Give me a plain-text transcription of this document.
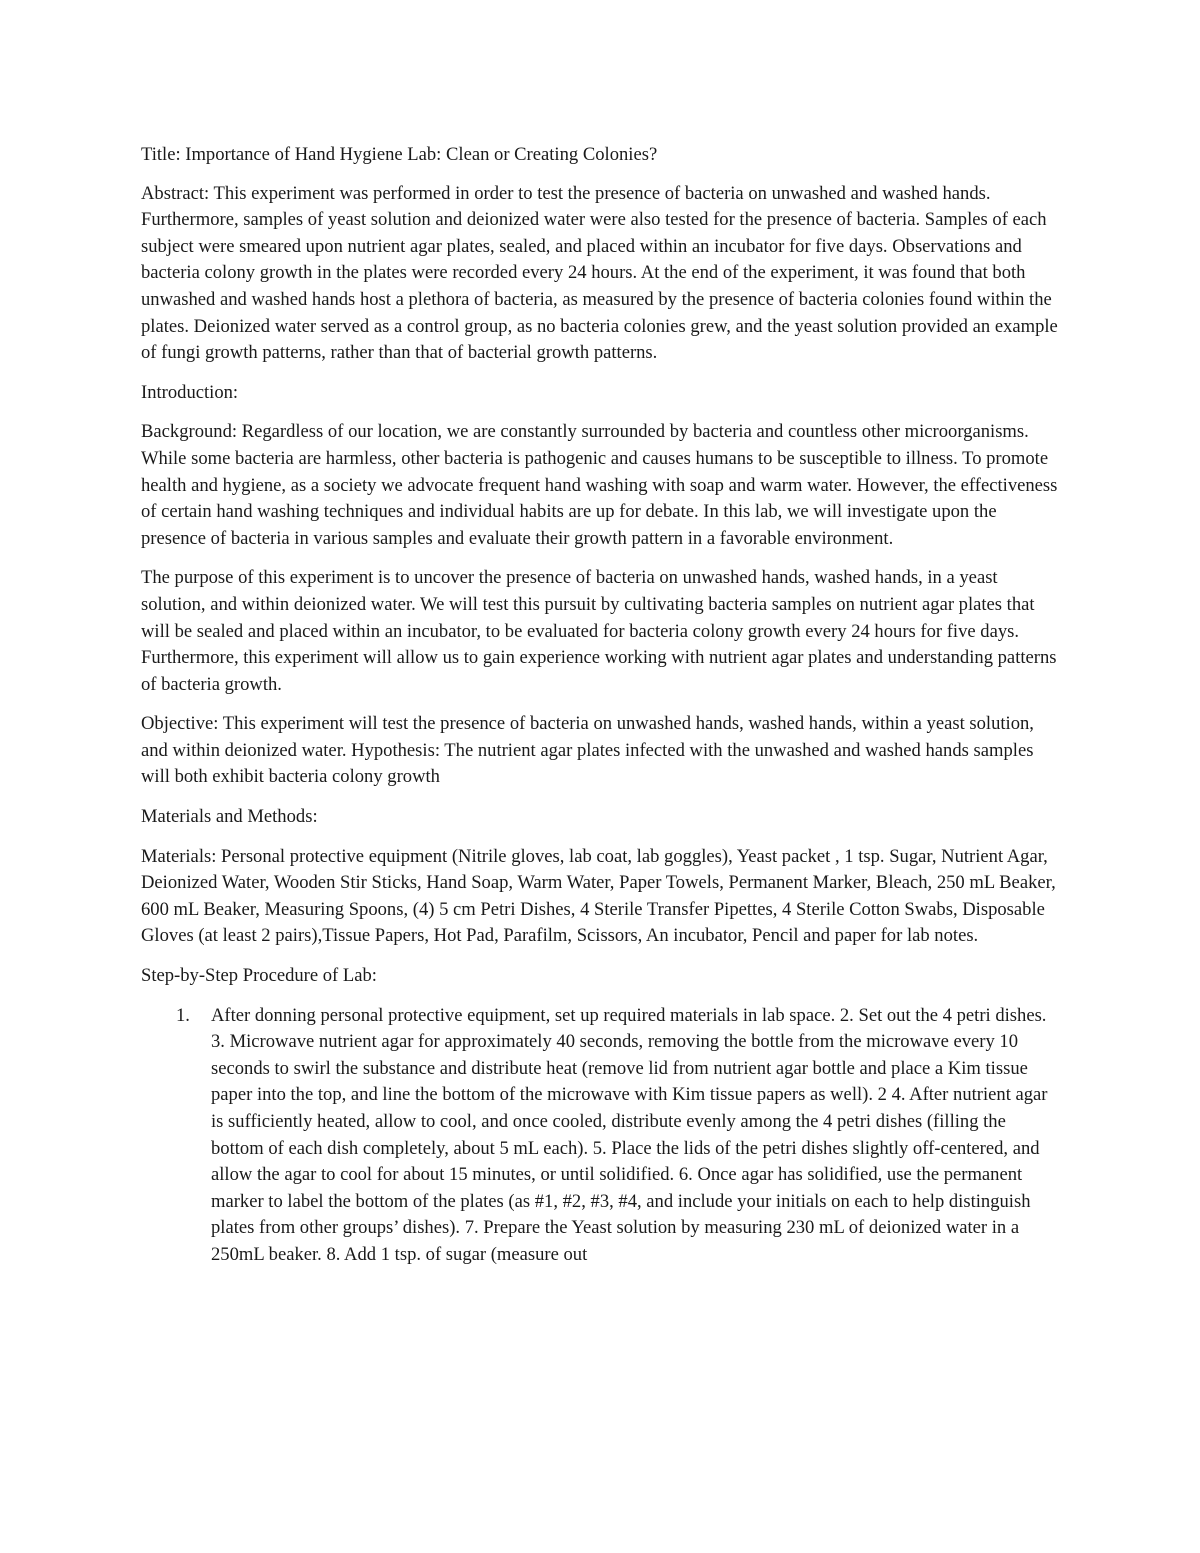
Title: Importance of Hand Hygiene Lab: Clean or Creating Colonies?

Abstract: This experiment was performed in order to test the presence of bacteria on unwashed and washed hands. Furthermore, samples of yeast solution and deionized water were also tested for the presence of bacteria. Samples of each subject were smeared upon nutrient agar plates, sealed, and placed within an incubator for five days. Observations and bacteria colony growth in the plates were recorded every 24 hours. At the end of the experiment, it was found that both unwashed and washed hands host a plethora of bacteria, as measured by the presence of bacteria colonies found within the plates. Deionized water served as a control group, as no bacteria colonies grew, and the yeast solution provided an example of fungi growth patterns, rather than that of bacterial growth patterns.

Introduction:

Background: Regardless of our location, we are constantly surrounded by bacteria and countless other microorganisms. While some bacteria are harmless, other bacteria is pathogenic and causes humans to be susceptible to illness. To promote health and hygiene, as a society we advocate frequent hand washing with soap and warm water. However, the effectiveness of certain hand washing techniques and individual habits are up for debate. In this lab, we will investigate upon the presence of bacteria in various samples and evaluate their growth pattern in a favorable environment.

The purpose of this experiment is to uncover the presence of bacteria on unwashed hands, washed hands, in a yeast solution, and within deionized water. We will test this pursuit by cultivating bacteria samples on nutrient agar plates that will be sealed and placed within an incubator, to be evaluated for bacteria colony growth every 24 hours for five days. Furthermore, this experiment will allow us to gain experience working with nutrient agar plates and understanding patterns of bacteria growth.

Objective: This experiment will test the presence of bacteria on unwashed hands, washed hands, within a yeast solution, and within deionized water. Hypothesis: The nutrient agar plates infected with the unwashed and washed hands samples will both exhibit bacteria colony growth

Materials and Methods:

Materials: Personal protective equipment (Nitrile gloves, lab coat, lab goggles), Yeast packet , 1 tsp. Sugar, Nutrient Agar, Deionized Water, Wooden Stir Sticks, Hand Soap, Warm Water, Paper Towels, Permanent Marker, Bleach, 250 mL Beaker, 600 mL Beaker, Measuring Spoons, (4) 5 cm Petri Dishes, 4 Sterile Transfer Pipettes, 4 Sterile Cotton Swabs, Disposable Gloves (at least 2 pairs),Tissue Papers, Hot Pad, Parafilm, Scissors, An incubator, Pencil and paper for lab notes.

Step-by-Step Procedure of Lab:

1. After donning personal protective equipment, set up required materials in lab space. 2. Set out the 4 petri dishes. 3. Microwave nutrient agar for approximately 40 seconds, removing the bottle from the microwave every 10 seconds to swirl the substance and distribute heat (remove lid from nutrient agar bottle and place a Kim tissue paper into the top, and line the bottom of the microwave with Kim tissue papers as well). 2 4. After nutrient agar is sufficiently heated, allow to cool, and once cooled, distribute evenly among the 4 petri dishes (filling the bottom of each dish completely, about 5 mL each). 5. Place the lids of the petri dishes slightly off-centered, and allow the agar to cool for about 15 minutes, or until solidified. 6. Once agar has solidified, use the permanent marker to label the bottom of the plates (as #1, #2, #3, #4, and include your initials on each to help distinguish plates from other groups’ dishes). 7. Prepare the Yeast solution by measuring 230 mL of deionized water in a 250mL beaker. 8. Add 1 tsp. of sugar (measure out
